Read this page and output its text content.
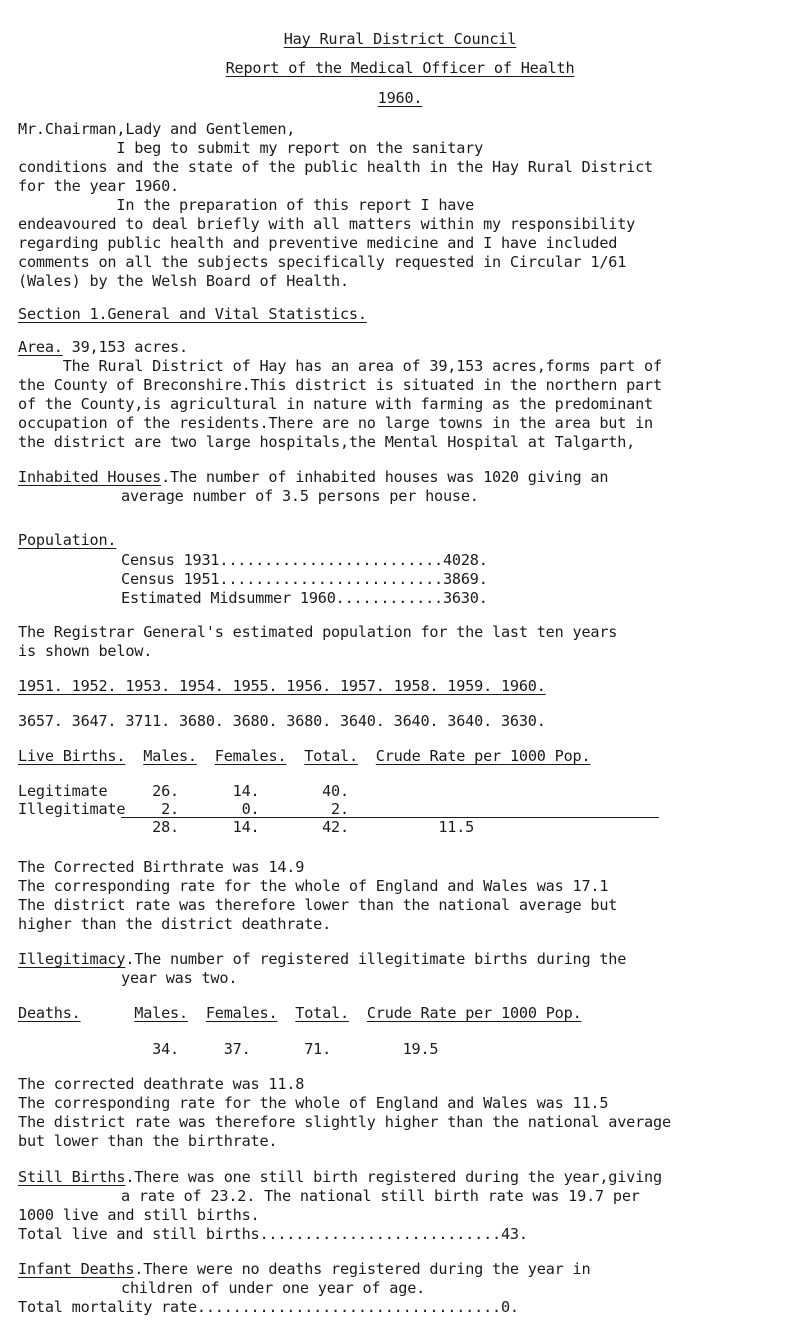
Hay Rural District Council
Report of the Medical Officer of Health
1960.
Mr.Chairman,Lady and Gentlemen,
I beg to submit my report on the sanitary
conditions and the state of the public health in the Hay Rural District
for the year 1960.
In the preparation of this report I have
endeavoured to deal briefly with all matters within my responsibility
regarding public health and preventive medicine and I have included
comments on all the subjects specifically requested in Circular 1/61
(Wales) by the Welsh Board of Health.
Section 1.General and Vital Statistics.
Area. 39,153 acres.
The Rural District of Hay has an area of 39,153 acres,forms part of
the County of Breconshire.This district is situated in the northern part
of the County,is agricultural in nature with farming as the predominant
occupation of the residents.There are no large towns in the area but in
the district are two large hospitals,the Mental Hospital at Talgarth,
Inhabited Houses.The number of inhabited houses was 1020 giving an
average number of 3.5 persons per house.
Population.
Census 1931.........................4028.
Census 1951.........................3869.
Estimated Midsummer 1960............3630.
The Registrar General's estimated population for the last ten years
is shown below.
1951. 1952. 1953. 1954. 1955. 1956. 1957. 1958. 1959. 1960.
3657. 3647. 3711. 3680. 3680. 3680. 3640. 3640. 3640. 3630.
Live Births. Males. Females. Total. Crude Rate per 1000 Pop.
Legitimate     26.      14.       40.
Illegitimate    2.       0.        2.
28.      14.       42.          11.5
The Corrected Birthrate was 14.9
The corresponding rate for the whole of England and Wales was 17.1
The district rate was therefore lower than the national average but
higher than the district deathrate.
Illegitimacy.The number of registered illegitimate births during the
year was two.
Deaths.	Males. Females. Total. Crude Rate per 1000 Pop.
34.     37.      71.        19.5
The corrected deathrate was 11.8
The corresponding rate for the whole of England and Wales was 11.5
The district rate was therefore slightly higher than the national average
but lower than the birthrate.
Still Births.There was one still birth registered during the year,giving
a rate of 23.2. The national still birth rate was 19.7 per
1000 live and still births.
Total live and still births...........................43.
Infant Deaths.There were no deaths registered during the year in
children of under one year of age.
Total mortality rate..................................0.
